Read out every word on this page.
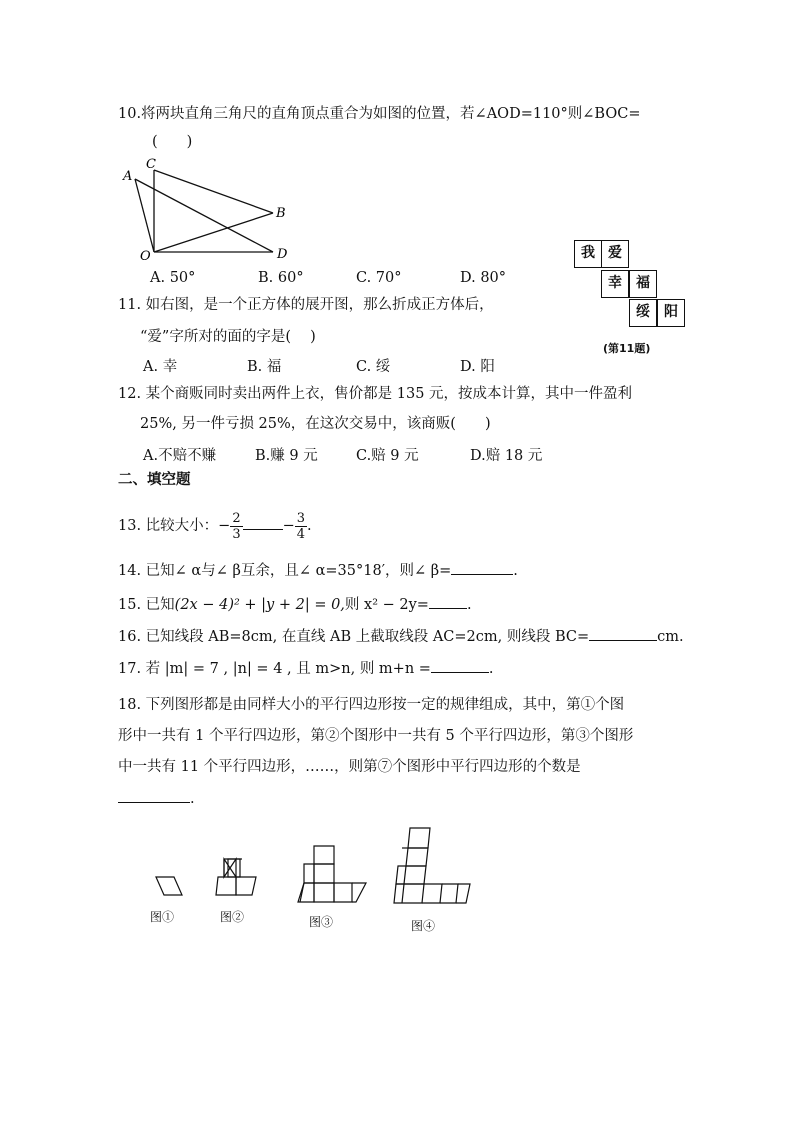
10.将两块直角三角尺的直角顶点重合为如图的位置，若∠AOD=110°则∠BOC=
(　　)
C
A
B
D
O
A. 50°	B. 60°	C. 70°	D. 80°
我 爱
幸	福
绥	阳
(第11题)
11. 如右图，是一个正方体的展开图，那么折成正方体后，
“爱”字所对的面的字是(　 )
A. 幸	B. 福	C. 绥	D. 阳
12. 某个商贩同时卖出两件上衣，售价都是 135 元，按成本计算，其中一件盈利
25%, 另一件亏损 25%，在这次交易中，该商贩(　　)
A.不赔不赚	B.赚 9 元	C.赔 9 元	D.赔 18 元
二、填空题
13. 比较大小：− $\frac{2}{3}$	− $\frac{3}{4}$ .
14. 已知∠ α与∠ β互余，且∠ α=35°18′，则∠ β=	.
15. 已知(2x − 4)² + |y + 2| = 0,则 x² − 2y=	.
16. 已知线段 AB=8cm, 在直线 AB 上截取线段 AC=2cm, 则线段 BC=	cm.
17. 若 |m| = 7 , |n| = 4 , 且 m>n, 则 m+n =	.
18. 下列图形都是由同样大小的平行四边形按一定的规律组成，其中，第①个图
形中一共有 1 个平行四边形，第②个图形中一共有 5 个平行四边形，第③个图形
中一共有 11 个平行四边形，……，则第⑦个图形中平行四边形的个数是
.
图①	图②	图③	图④
